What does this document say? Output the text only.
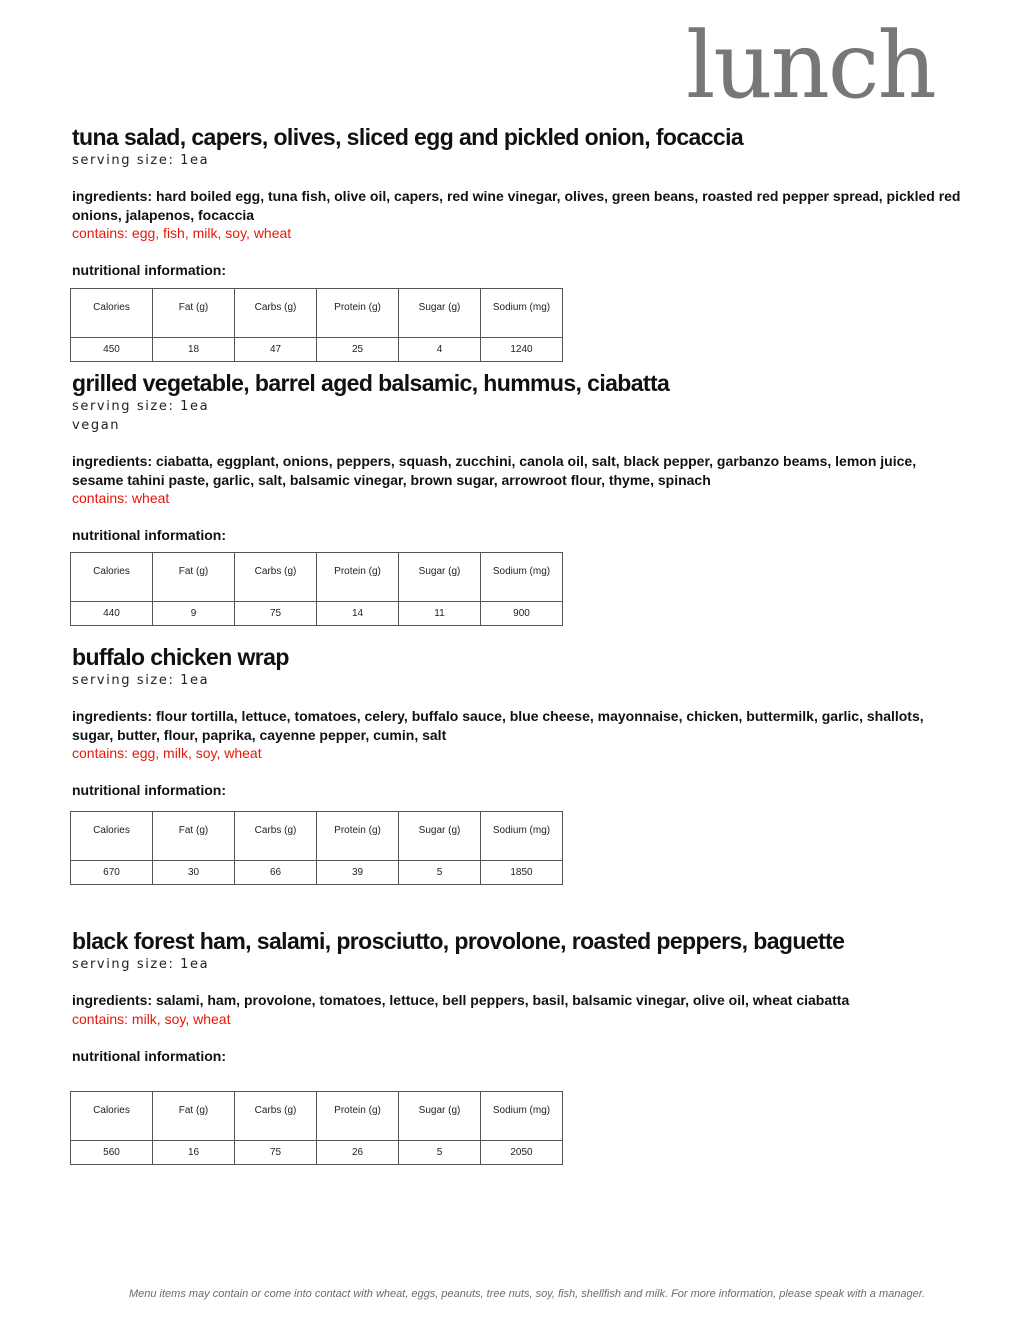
lunch
tuna salad, capers, olives, sliced egg and pickled onion, focaccia
serving size: 1ea
ingredients: hard boiled egg, tuna fish, olive oil, capers, red wine vinegar, olives, green beans, roasted red pepper spread, pickled red onions, jalapenos, focaccia
contains: egg, fish, milk, soy, wheat
nutritional information:
Calories	Fat (g)	Carbs (g)	Protein (g)	Sugar (g)	Sodium (mg)
450	18	47	25	4	1240
grilled vegetable, barrel aged balsamic, hummus, ciabatta
serving size: 1ea
vegan
ingredients: ciabatta, eggplant, onions, peppers, squash, zucchini, canola oil, salt, black pepper, garbanzo beams, lemon juice, sesame tahini paste, garlic, salt, balsamic vinegar, brown sugar, arrowroot flour, thyme, spinach
contains: wheat
nutritional information:
Calories	Fat (g)	Carbs (g)	Protein (g)	Sugar (g)	Sodium (mg)
440	9	75	14	11	900
buffalo chicken wrap
serving size: 1ea
ingredients: flour tortilla, lettuce, tomatoes, celery, buffalo sauce, blue cheese, mayonnaise, chicken, buttermilk, garlic, shallots, sugar, butter, flour, paprika, cayenne pepper, cumin, salt
contains: egg, milk, soy, wheat
nutritional information:
Calories	Fat (g)	Carbs (g)	Protein (g)	Sugar (g)	Sodium (mg)
670	30	66	39	5	1850
black forest ham, salami, prosciutto, provolone, roasted peppers, baguette
serving size: 1ea
ingredients: salami, ham, provolone, tomatoes, lettuce, bell peppers, basil, balsamic vinegar, olive oil, wheat ciabatta
contains: milk, soy, wheat
nutritional information:
Calories	Fat (g)	Carbs (g)	Protein (g)	Sugar (g)	Sodium (mg)
560	16	75	26	5	2050
Menu items may contain or come into contact with wheat, eggs, peanuts, tree nuts, soy, fish, shellfish and milk. For more information, please speak with a manager.
